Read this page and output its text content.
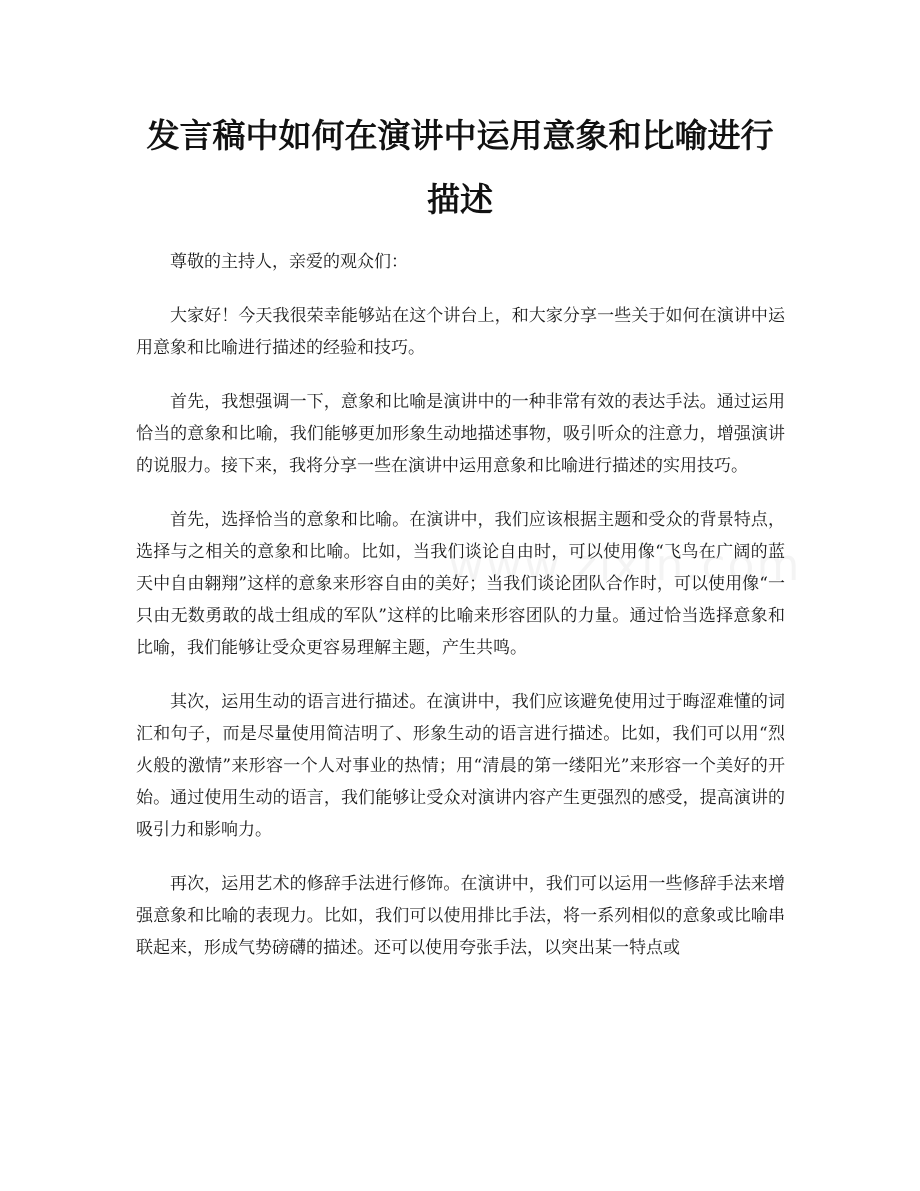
发言稿中如何在演讲中运用意象和比喻进行描述

尊敬的主持人，亲爱的观众们：

大家好！今天我很荣幸能够站在这个讲台上，和大家分享一些关于如何在演讲中运用意象和比喻进行描述的经验和技巧。

首先，我想强调一下，意象和比喻是演讲中的一种非常有效的表达手法。通过运用恰当的意象和比喻，我们能够更加形象生动地描述事物，吸引听众的注意力，增强演讲的说服力。接下来，我将分享一些在演讲中运用意象和比喻进行描述的实用技巧。

首先，选择恰当的意象和比喻。在演讲中，我们应该根据主题和受众的背景特点，选择与之相关的意象和比喻。比如，当我们谈论自由时，可以使用像“飞鸟在广阔的蓝天中自由翱翔”这样的意象来形容自由的美好；当我们谈论团队合作时，可以使用像“一只由无数勇敢的战士组成的军队”这样的比喻来形容团队的力量。通过恰当选择意象和比喻，我们能够让受众更容易理解主题，产生共鸣。

其次，运用生动的语言进行描述。在演讲中，我们应该避免使用过于晦涩难懂的词汇和句子，而是尽量使用简洁明了、形象生动的语言进行描述。比如，我们可以用“烈火般的激情”来形容一个人对事业的热情；用“清晨的第一缕阳光”来形容一个美好的开始。通过使用生动的语言，我们能够让受众对演讲内容产生更强烈的感受，提高演讲的吸引力和影响力。

再次，运用艺术的修辞手法进行修饰。在演讲中，我们可以运用一些修辞手法来增强意象和比喻的表现力。比如，我们可以使用排比手法，将一系列相似的意象或比喻串联起来，形成气势磅礴的描述。还可以使用夸张手法，以突出某一特点或
